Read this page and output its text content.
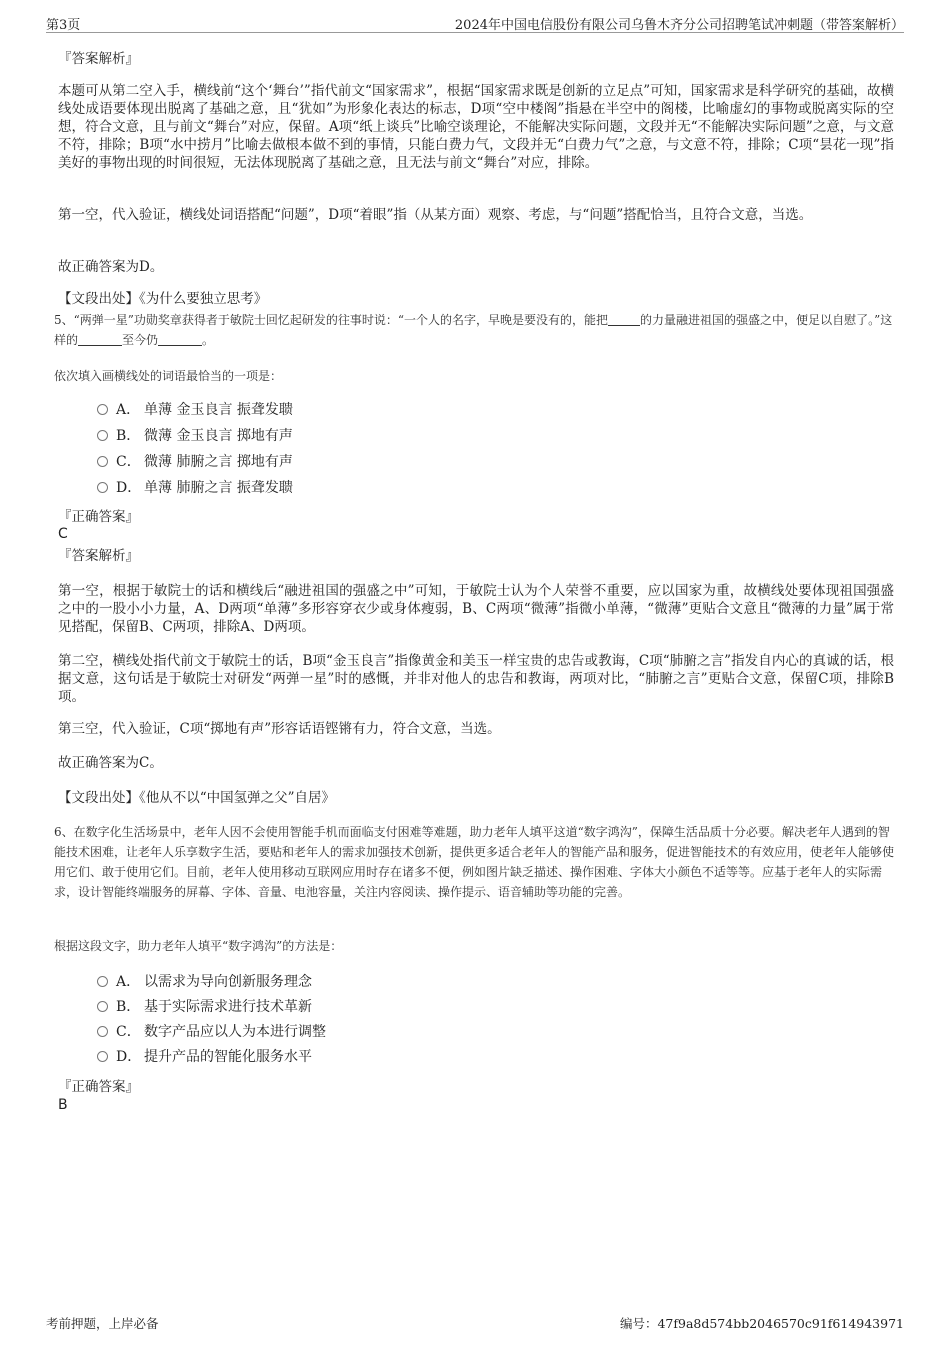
第3页	2024年中国电信股份有限公司乌鲁木齐分公司招聘笔试冲刺题（带答案解析）
『答案解析』
本题可从第二空入手，横线前“这个‘舞台’”指代前文“国家需求”，根据“国家需求既是创新的立足点”可知，国家需求是科学研究的基础，故横线处成语要体现出脱离了基础之意，且“犹如”为形象化表达的标志，D项“空中楼阁”指悬在半空中的阁楼，比喻虚幻的事物或脱离实际的空想，符合文意，且与前文“舞台”对应，保留。A项“纸上谈兵”比喻空谈理论，不能解决实际问题，文段并无“不能解决实际问题”之意，与文意不符，排除；B项“水中捞月”比喻去做根本做不到的事情，只能白费力气，文段并无“白费力气”之意，与文意不符，排除；C项“昙花一现”指美好的事物出现的时间很短，无法体现脱离了基础之意，且无法与前文“舞台”对应，排除。
第一空，代入验证，横线处词语搭配“问题”，D项“着眼”指（从某方面）观察、考虑，与“问题”搭配恰当，且符合文意，当选。
故正确答案为D。
【文段出处】《为什么要独立思考》
5、“两弹一星”功勋奖章获得者于敏院士回忆起研发的往事时说：“一个人的名字，早晚是要没有的，能把	的力量融进祖国的强盛之中，便足以自慰了。”这样的	至今仍	。
依次填入画横线处的词语最恰当的一项是：
A． 单薄 金玉良言 振聋发聩
B． 微薄 金玉良言 掷地有声
C． 微薄 肺腑之言 掷地有声
D． 单薄 肺腑之言 振聋发聩
『正确答案』
C
『答案解析』
第一空，根据于敏院士的话和横线后“融进祖国的强盛之中”可知，于敏院士认为个人荣誉不重要，应以国家为重，故横线处要体现祖国强盛之中的一股小小力量，A、D两项“单薄”多形容穿衣少或身体瘦弱，B、C两项“微薄”指微小单薄，“微薄”更贴合文意且“微薄的力量”属于常见搭配，保留B、C两项，排除A、D两项。
第二空，横线处指代前文于敏院士的话，B项“金玉良言”指像黄金和美玉一样宝贵的忠告或教诲，C项“肺腑之言”指发自内心的真诚的话，根据文意，这句话是于敏院士对研发“两弹一星”时的感慨，并非对他人的忠告和教诲，两项对比，“肺腑之言”更贴合文意，保留C项，排除B项。
第三空，代入验证，C项“掷地有声”形容话语铿锵有力，符合文意，当选。
故正确答案为C。
【文段出处】《他从不以“中国氢弹之父”自居》
6、在数字化生活场景中，老年人因不会使用智能手机而面临支付困难等难题，助力老年人填平这道“数字鸿沟”，保障生活品质十分必要。解决老年人遇到的智能技术困难，让老年人乐享数字生活，要贴和老年人的需求加强技术创新，提供更多适合老年人的智能产品和服务，促进智能技术的有效应用，使老年人能够使用它们、敢于使用它们。目前，老年人使用移动互联网应用时存在诸多不便，例如图片缺乏描述、操作困难、字体大小颜色不适等等。应基于老年人的实际需求，设计智能终端服务的屏幕、字体、音量、电池容量，关注内容阅读、操作提示、语音辅助等功能的完善。
根据这段文字，助力老年人填平“数字鸿沟”的方法是：
A． 以需求为导向创新服务理念
B． 基于实际需求进行技术革新
C． 数字产品应以人为本进行调整
D． 提升产品的智能化服务水平
『正确答案』
B
考前押题，上岸必备	编号：47f9a8d574bb2046570c91f614943971
